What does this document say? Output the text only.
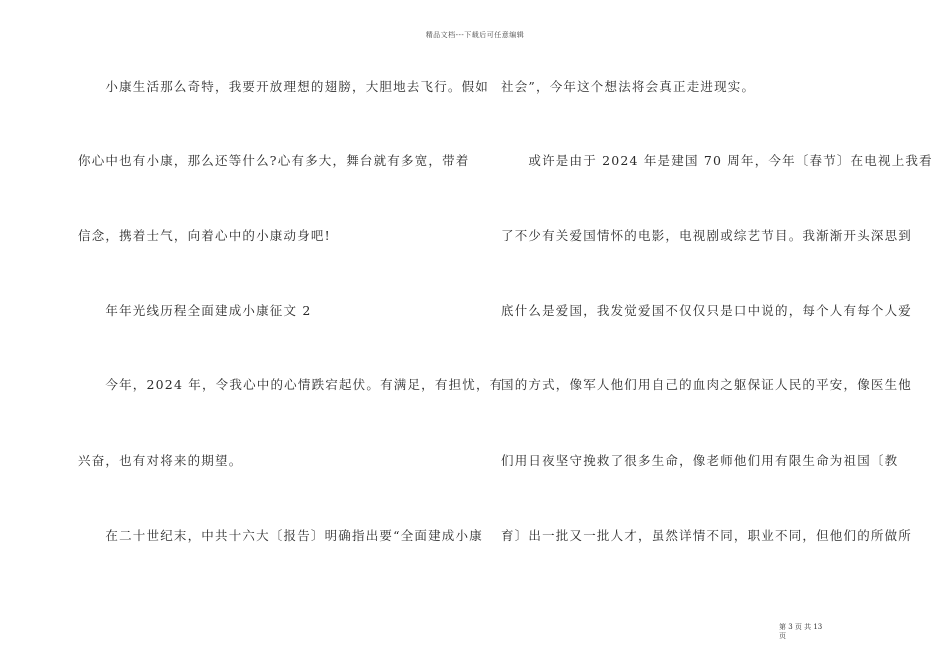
精品文档---下载后可任意编辑
　　小康生活那么奇特，我要开放理想的翅膀，大胆地去飞行。假如
你心中也有小康，那么还等什么?心有多大，舞台就有多宽，带着
信念，携着士气，向着心中的小康动身吧!
　　年年光线历程全面建成小康征文 2
　　今年，2024 年，令我心中的心情跌宕起伏。有满足，有担忧，有
兴奋，也有对将来的期望。
　　在二十世纪末，中共十六大〔报告〕明确指出要“全面建成小康
社会”，今年这个想法将会真正走进现实。
　　或许是由于 2024 年是建国 70 周年，今年〔春节〕在电视上我看
了不少有关爱国情怀的电影，电视剧或综艺节目。我渐渐开头深思到
底什么是爱国，我发觉爱国不仅仅只是口中说的，每个人有每个人爱
国的方式，像军人他们用自己的血肉之躯保证人民的平安，像医生他
们用日夜坚守挽救了很多生命，像老师他们用有限生命为祖国〔教
育〕出一批又一批人才，虽然详情不同，职业不同，但他们的所做所
第 3 页 共 13
页
